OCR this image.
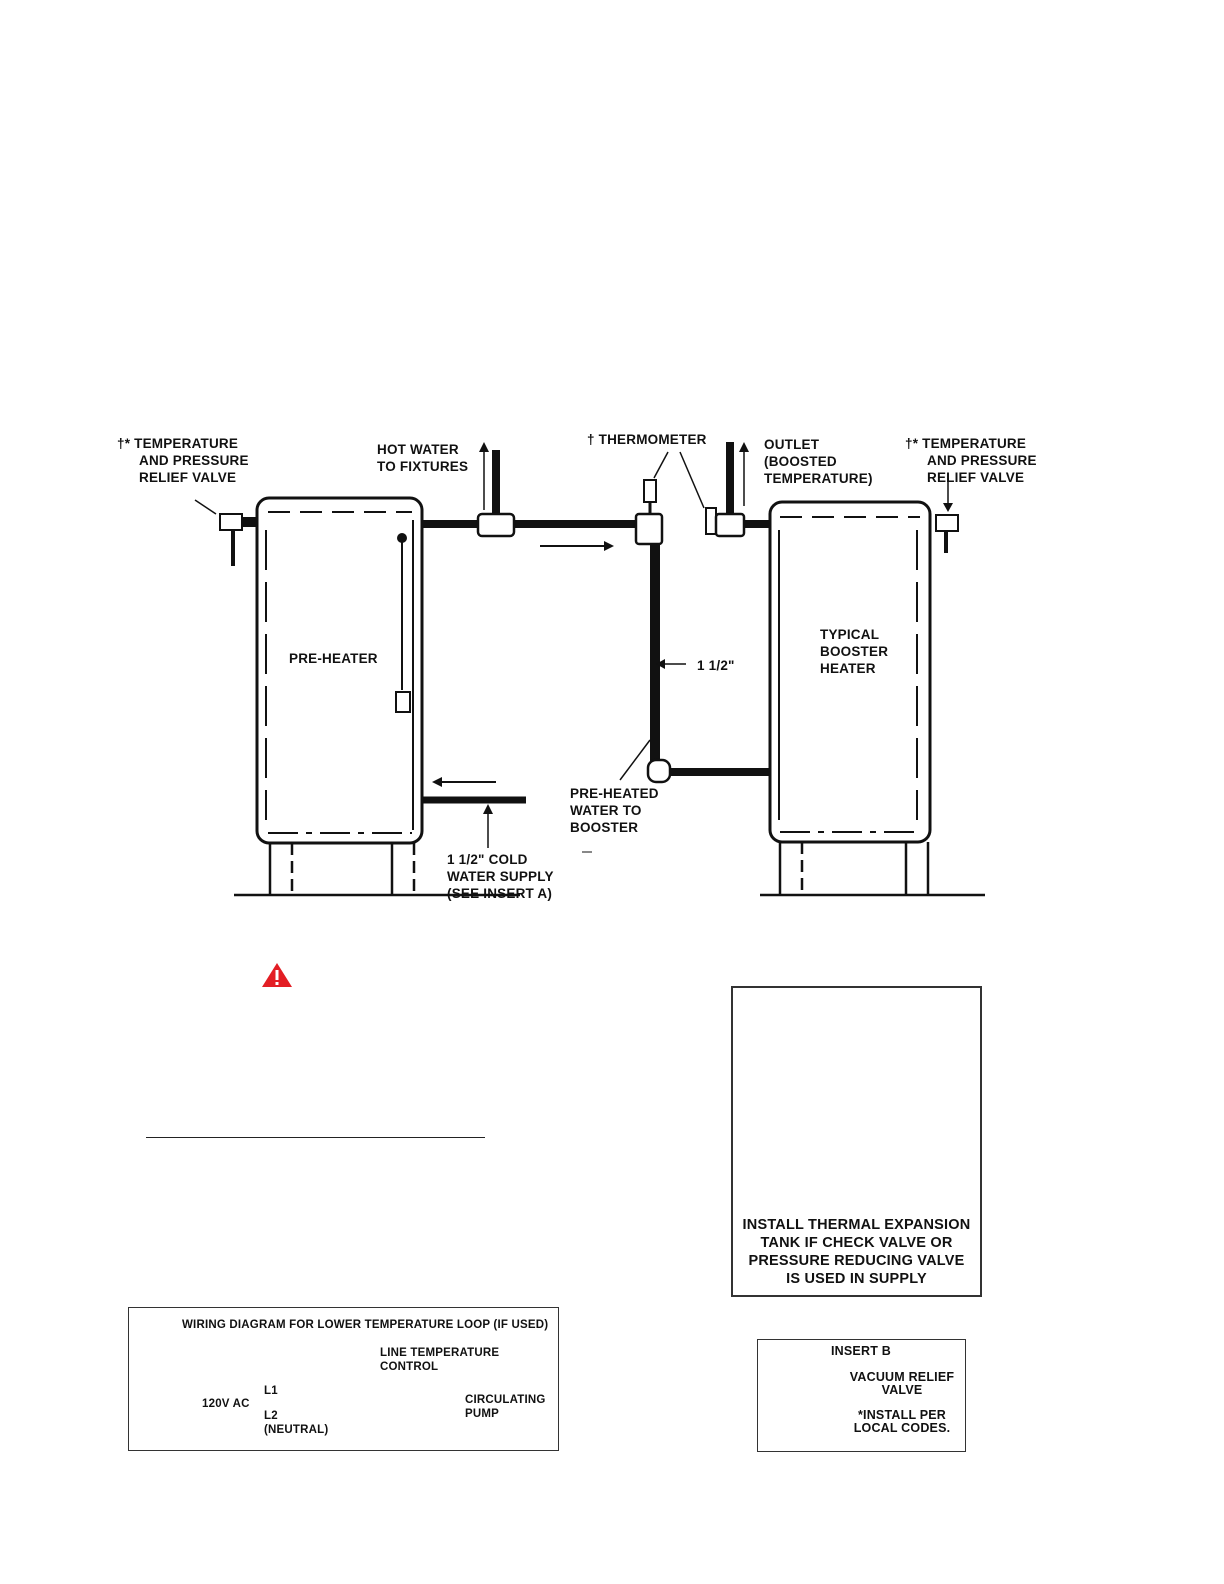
†* TEMPERATURE
AND PRESSURE
RELIEF VALVE
HOT WATER
TO FIXTURES
† THERMOMETER	OUTLET
(BOOSTED
TEMPERATURE)
†* TEMPERATURE
AND PRESSURE
RELIEF VALVE
PRE-HEATER
TYPICAL
BOOSTER
HEATER
1 1/2"
PRE-HEATED
WATER TO
BOOSTER
1 1/2" COLD
WATER SUPPLY
(SEE INSERT A)
INSTALL THERMAL EXPANSION
TANK IF CHECK VALVE OR
PRESSURE REDUCING VALVE
IS USED IN SUPPLY
WIRING DIAGRAM FOR LOWER TEMPERATURE LOOP (IF USED)
LINE TEMPERATURE
CONTROL
120V AC
L1
L2
(NEUTRAL)
CIRCULATING
PUMP
INSERT B
VACUUM RELIEF
VALVE
*INSTALL PER
LOCAL CODES.
